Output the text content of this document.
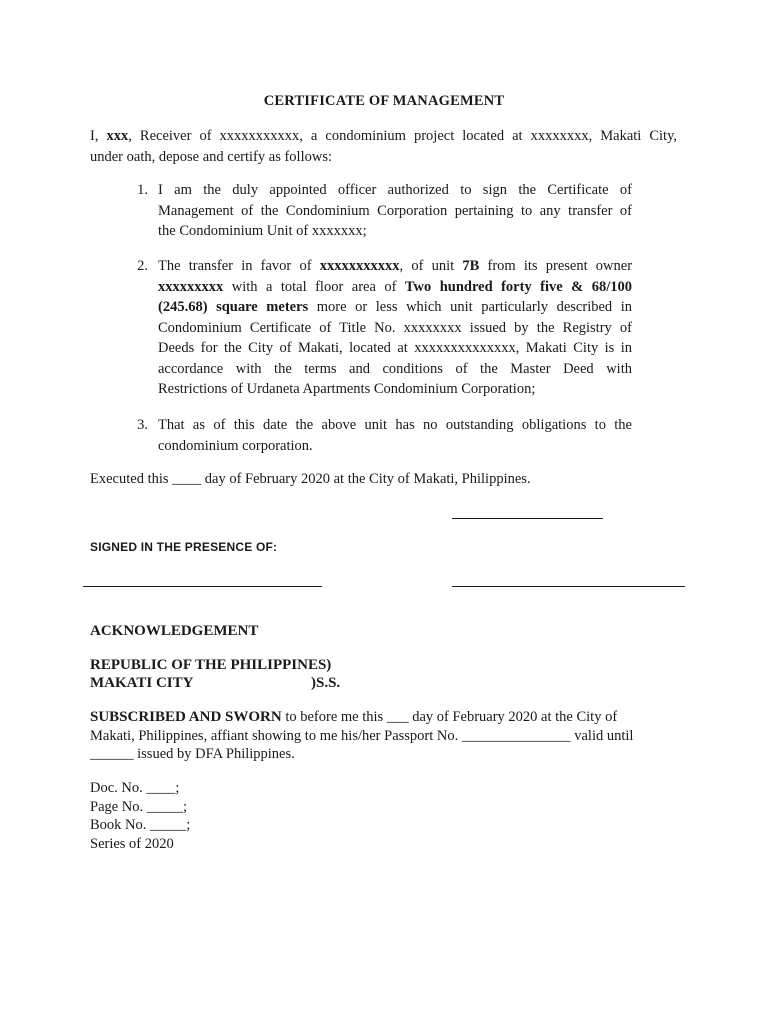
CERTIFICATE OF MANAGEMENT
I, xxx, Receiver of xxxxxxxxxxx, a condominium project located at xxxxxxxx, Makati City,
under oath, depose and certify as follows:
1. I am the duly appointed officer authorized to sign the Certificate of
Management of the Condominium Corporation pertaining to any transfer of
the Condominium Unit of xxxxxxx;
2. The transfer in favor of xxxxxxxxxxx, of unit 7B from its present owner
xxxxxxxxx with a total floor area of Two hundred forty five & 68/100
(245.68) square meters more or less which unit particularly described in
Condominium Certificate of Title No. xxxxxxxx issued by the Registry of
Deeds for the City of Makati, located at xxxxxxxxxxxxxx, Makati City is in
accordance with the terms and conditions of the Master Deed with
Restrictions of Urdaneta Apartments Condominium Corporation;
3. That as of this date the above unit has no outstanding obligations to the
condominium corporation.
Executed this ____ day of February 2020 at the City of Makati, Philippines.
SIGNED IN THE PRESENCE OF:
ACKNOWLEDGEMENT
REPUBLIC OF THE PHILIPPINES)
MAKATI CITY	)S.S.
SUBSCRIBED AND SWORN to before me this ___ day of February 2020 at the City of
Makati, Philippines, affiant showing to me his/her Passport No. _______________ valid until
______ issued by DFA Philippines.
Doc. No. ____;
Page No. _____;
Book No. _____;
Series of 2020
